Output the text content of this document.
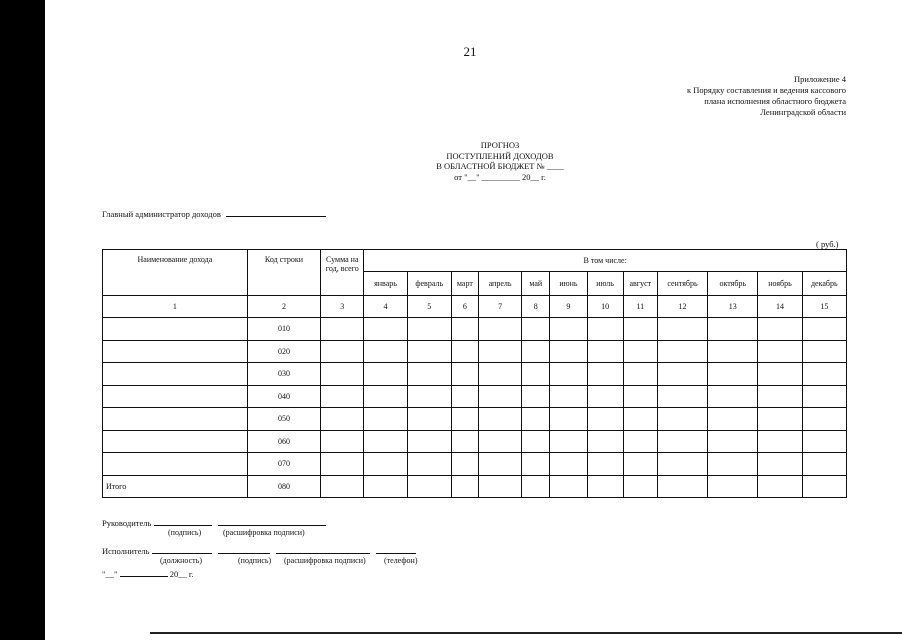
21
Приложение 4
к Порядку составления и ведения кассового
плана исполнения областного бюджета
Ленинградской области
ПРОГНОЗ
ПОСТУПЛЕНИЙ ДОХОДОВ
В ОБЛАСТНОЙ БЮДЖЕТ № ____
от "__" _________ 20__ г.
Главный администратор доходов
( руб.)
Наименование дохода	Код строки	Сумма на год, всего	В том числе:											
			январь	февраль	март	апрель	май	июнь	июль	август	сентябрь	октябрь	ноябрь	декабрь
1	2	3	4	5	6	7	8	9	10	11	12	13	14	15
	010													
	020													
	030													
	040													
	050													
	060													
	070													
Итого	080													
Руководитель
(подпись)	(расшифровка подписи)
Исполнитель
(должность)	(подпись) (расшифровка подписи) (телефон)
"__"	20__ г.
